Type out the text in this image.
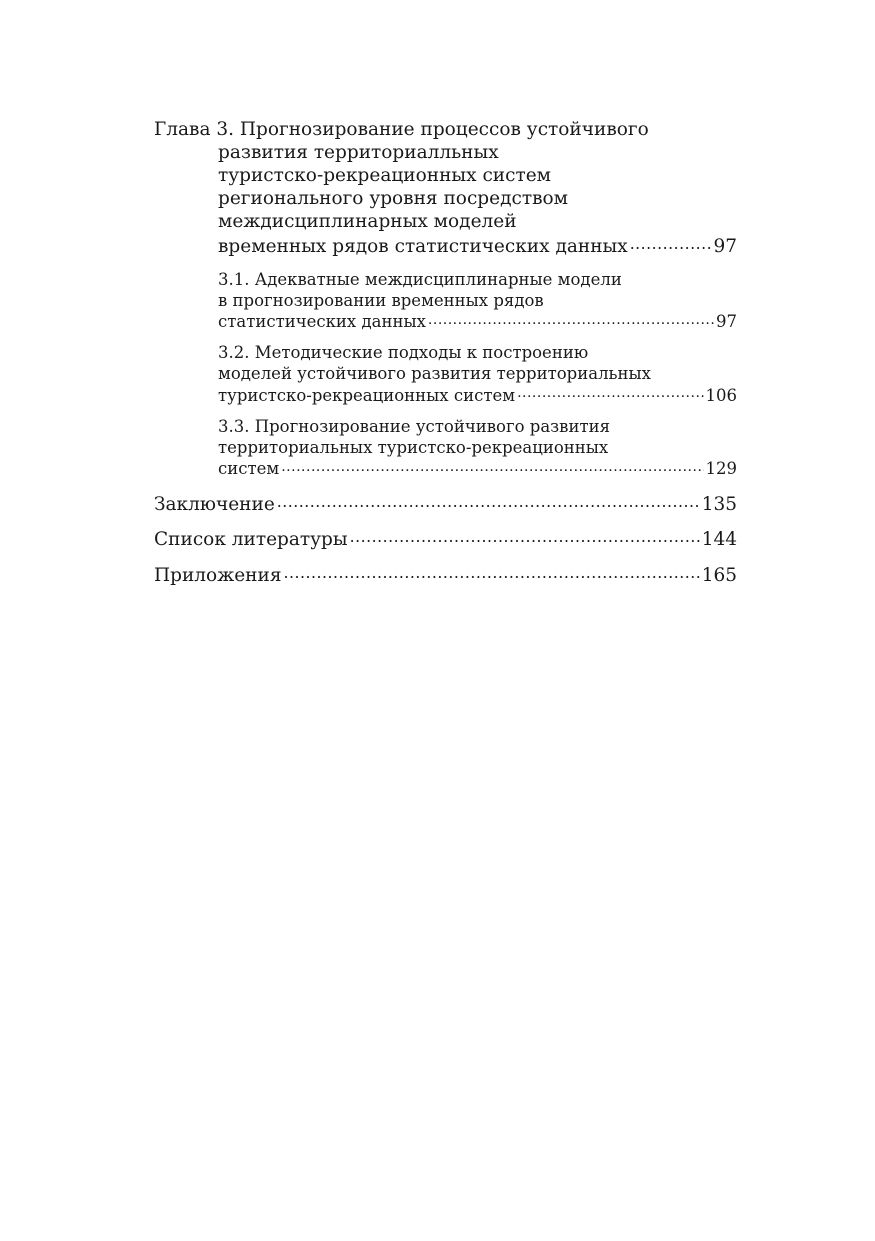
Глава 3. Прогнозирование процессов устойчивого
развития территориалльных
туристско-рекреационных систем
регионального уровня посредством
междисциплинарных моделей
временных рядов статистических данных .....	97
3.1. Адекватные междисциплинарные модели
в прогнозировании временных рядов
статистических данных .....	97
3.2. Методические подходы к построению
моделей устойчивого развития территориальных
туристско-рекреационных систем .....	106
3.3. Прогнозирование устойчивого развития
территориальных туристско-рекреационных
систем .....	129
Заключение .....	135
Список литературы .....	144
Приложения .....	165
